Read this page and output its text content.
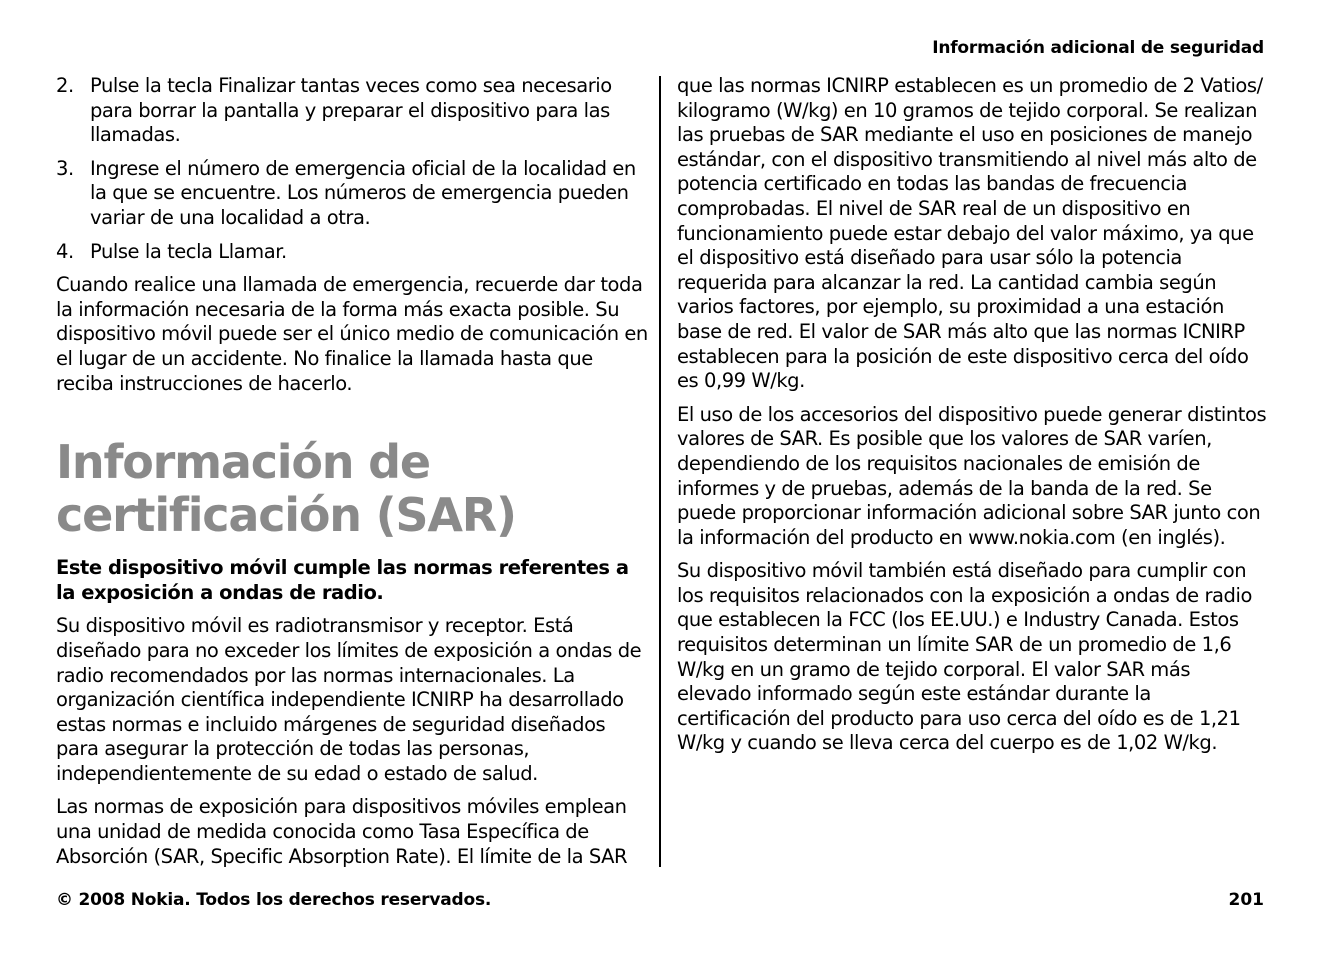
Información adicional de seguridad
2. Pulse la tecla Finalizar tantas veces como sea necesario para borrar la pantalla y preparar el dispositivo para las llamadas.
3. Ingrese el número de emergencia oficial de la localidad en la que se encuentre. Los números de emergencia pueden variar de una localidad a otra.
4. Pulse la tecla Llamar.

Cuando realice una llamada de emergencia, recuerde dar toda la información necesaria de la forma más exacta posible. Su dispositivo móvil puede ser el único medio de comunicación en el lugar de un accidente. No finalice la llamada hasta que reciba instrucciones de hacerlo.

Información de certificación (SAR)

Este dispositivo móvil cumple las normas referentes a la exposición a ondas de radio.

Su dispositivo móvil es radiotransmisor y receptor. Está diseñado para no exceder los límites de exposición a ondas de radio recomendados por las normas internacionales. La organización científica independiente ICNIRP ha desarrollado estas normas e incluido márgenes de seguridad diseñados para asegurar la protección de todas las personas, independientemente de su edad o estado de salud.

Las normas de exposición para dispositivos móviles emplean una unidad de medida conocida como Tasa Específica de Absorción (SAR, Specific Absorption Rate). El límite de la SAR

que las normas ICNIRP establecen es un promedio de 2 Vatios/ kilogramo (W/kg) en 10 gramos de tejido corporal. Se realizan las pruebas de SAR mediante el uso en posiciones de manejo estándar, con el dispositivo transmitiendo al nivel más alto de potencia certificado en todas las bandas de frecuencia comprobadas. El nivel de SAR real de un dispositivo en funcionamiento puede estar debajo del valor máximo, ya que el dispositivo está diseñado para usar sólo la potencia requerida para alcanzar la red. La cantidad cambia según varios factores, por ejemplo, su proximidad a una estación base de red. El valor de SAR más alto que las normas ICNIRP establecen para la posición de este dispositivo cerca del oído es 0,99 W/kg.

El uso de los accesorios del dispositivo puede generar distintos valores de SAR. Es posible que los valores de SAR varíen, dependiendo de los requisitos nacionales de emisión de informes y de pruebas, además de la banda de la red. Se puede proporcionar información adicional sobre SAR junto con la información del producto en www.nokia.com (en inglés).

Su dispositivo móvil también está diseñado para cumplir con los requisitos relacionados con la exposición a ondas de radio que establecen la FCC (los EE.UU.) e Industry Canada. Estos requisitos determinan un límite SAR de un promedio de 1,6 W/kg en un gramo de tejido corporal. El valor SAR más elevado informado según este estándar durante la certificación del producto para uso cerca del oído es de 1,21 W/kg y cuando se lleva cerca del cuerpo es de 1,02 W/kg.

© 2008 Nokia. Todos los derechos reservados.	201
